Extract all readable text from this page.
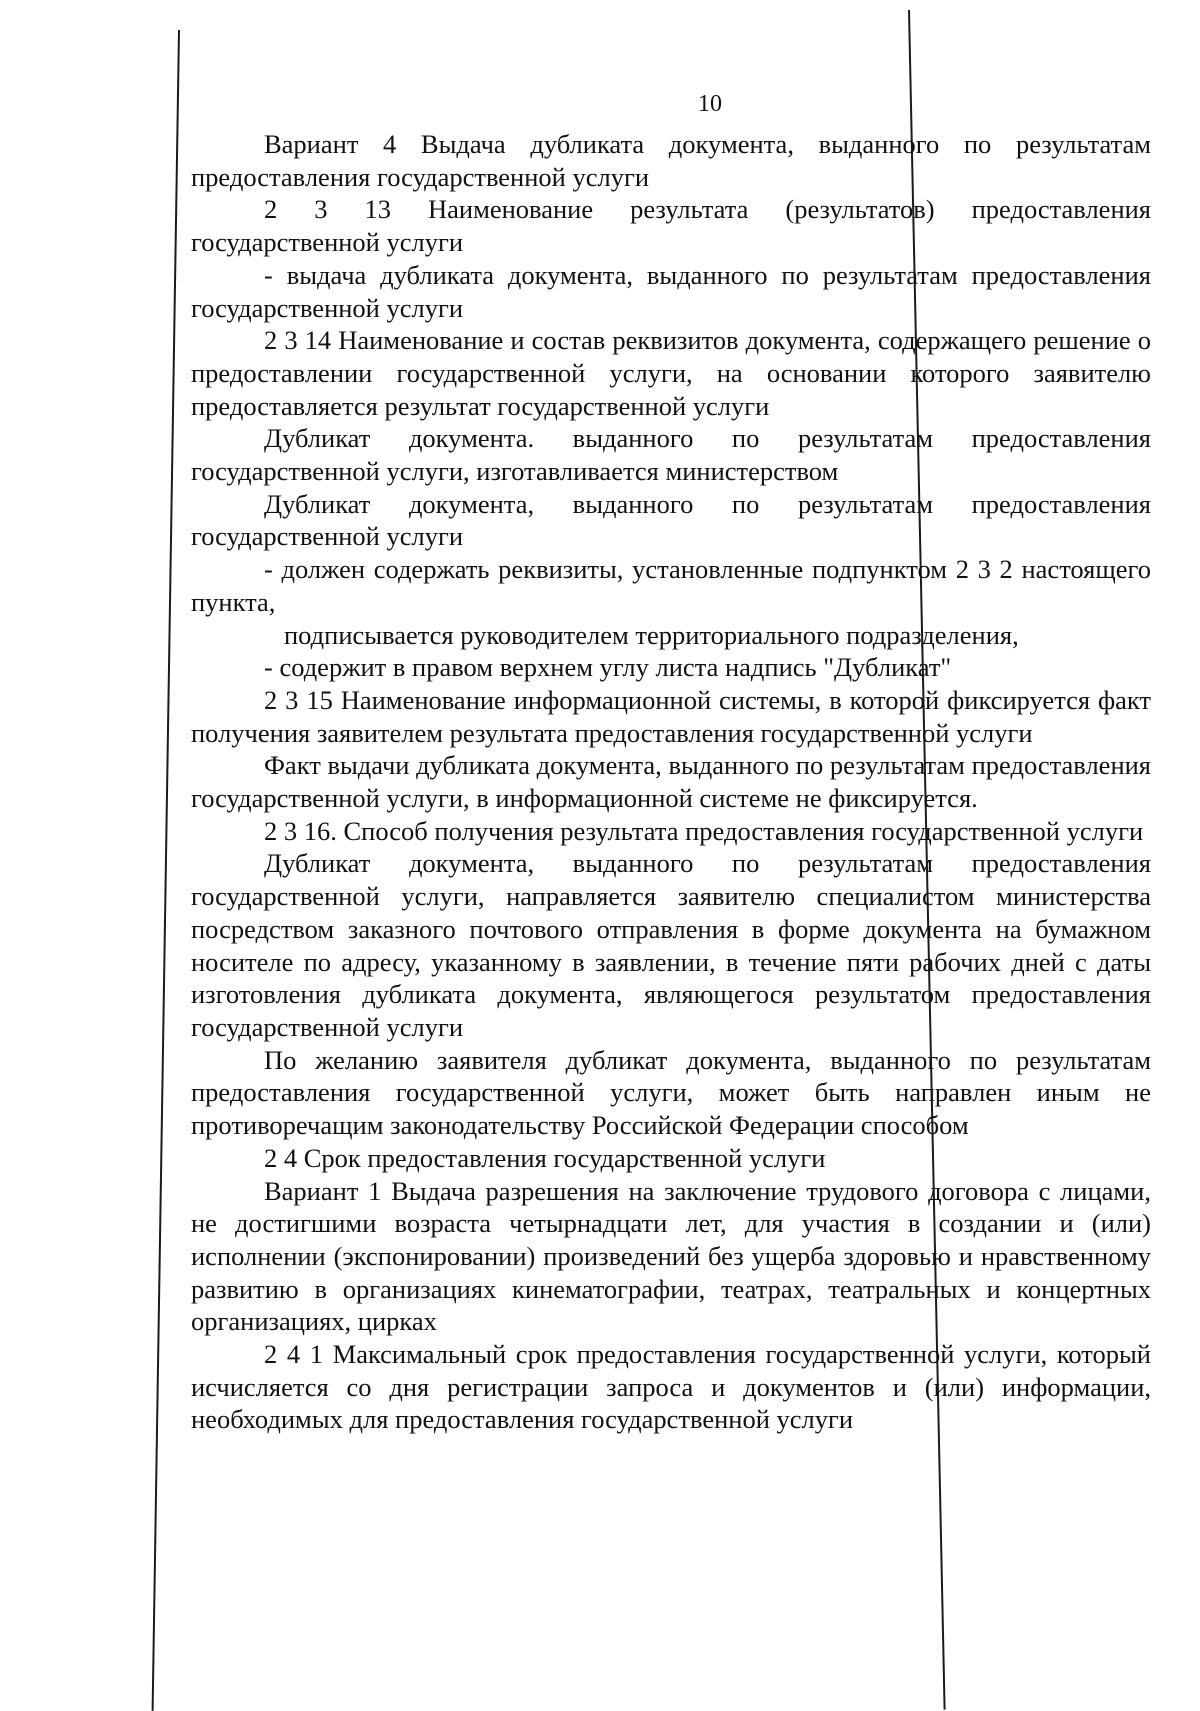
10

Вариант 4 Выдача дубликата документа, выданного по результатам предоставления государственной услуги

2 3 13 Наименование результата (результатов) предоставления государственной услуги

- выдача дубликата документа, выданного по результатам предоставления государственной услуги

2 3 14 Наименование и состав реквизитов документа, содержащего решение о предоставлении государственной услуги, на основании которого заявителю предоставляется результат государственной услуги

Дубликат документа. выданного по результатам предоставления государственной услуги, изготавливается министерством

Дубликат документа, выданного по результатам предоставления государственной услуги

- должен содержать реквизиты, установленные подпунктом 2 3 2 настоящего пункта,

подписывается руководителем территориального подразделения,

- содержит в правом верхнем углу листа надпись "Дубликат"

2 3 15 Наименование информационной системы, в которой фиксируется факт получения заявителем результата предоставления государственной услуги

Факт выдачи дубликата документа, выданного по результатам предоставления государственной услуги, в информационной системе не фиксируется.

2 3 16. Способ получения результата предоставления государственной услуги

Дубликат документа, выданного по результатам предоставления государственной услуги, направляется заявителю специалистом министерства посредством заказного почтового отправления в форме документа на бумажном носителе по адресу, указанному в заявлении, в течение пяти рабочих дней с даты изготовления дубликата документа, являющегося результатом предоставления государственной услуги

По желанию заявителя дубликат документа, выданного по результатам предоставления государственной услуги, может быть направлен иным не противоречащим законодательству Российской Федерации способом

2 4 Срок предоставления государственной услуги

Вариант 1 Выдача разрешения на заключение трудового договора с лицами, не достигшими возраста четырнадцати лет, для участия в создании и (или) исполнении (экспонировании) произведений без ущерба здоровью и нравственному развитию в организациях кинематографии, театрах, театральных и концертных организациях, цирках

2 4 1 Максимальный срок предоставления государственной услуги, который исчисляется со дня регистрации запроса и документов и (или) информации, необходимых для предоставления государственной услуги
